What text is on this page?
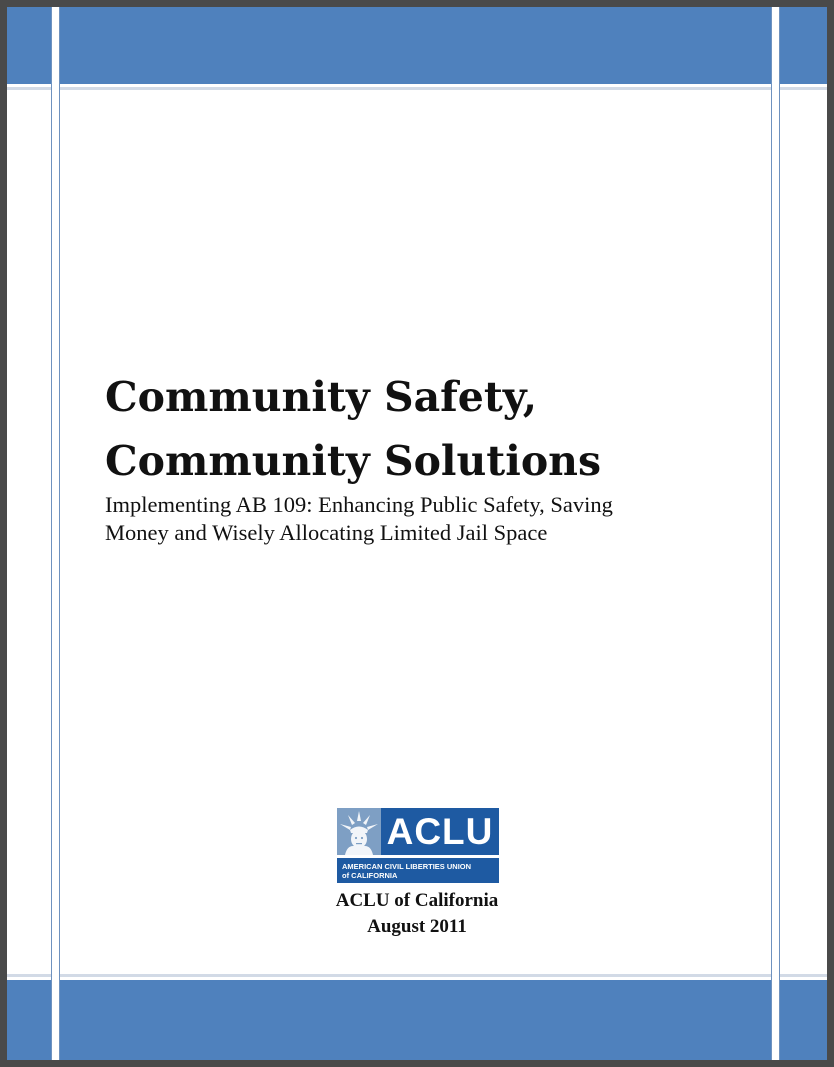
Community Safety,
Community Solutions

Implementing AB 109: Enhancing Public Safety, Saving
Money and Wisely Allocating Limited Jail Space

ACLU
AMERICAN CIVIL LIBERTIES UNION
of CALIFORNIA
ACLU of California
August 2011
